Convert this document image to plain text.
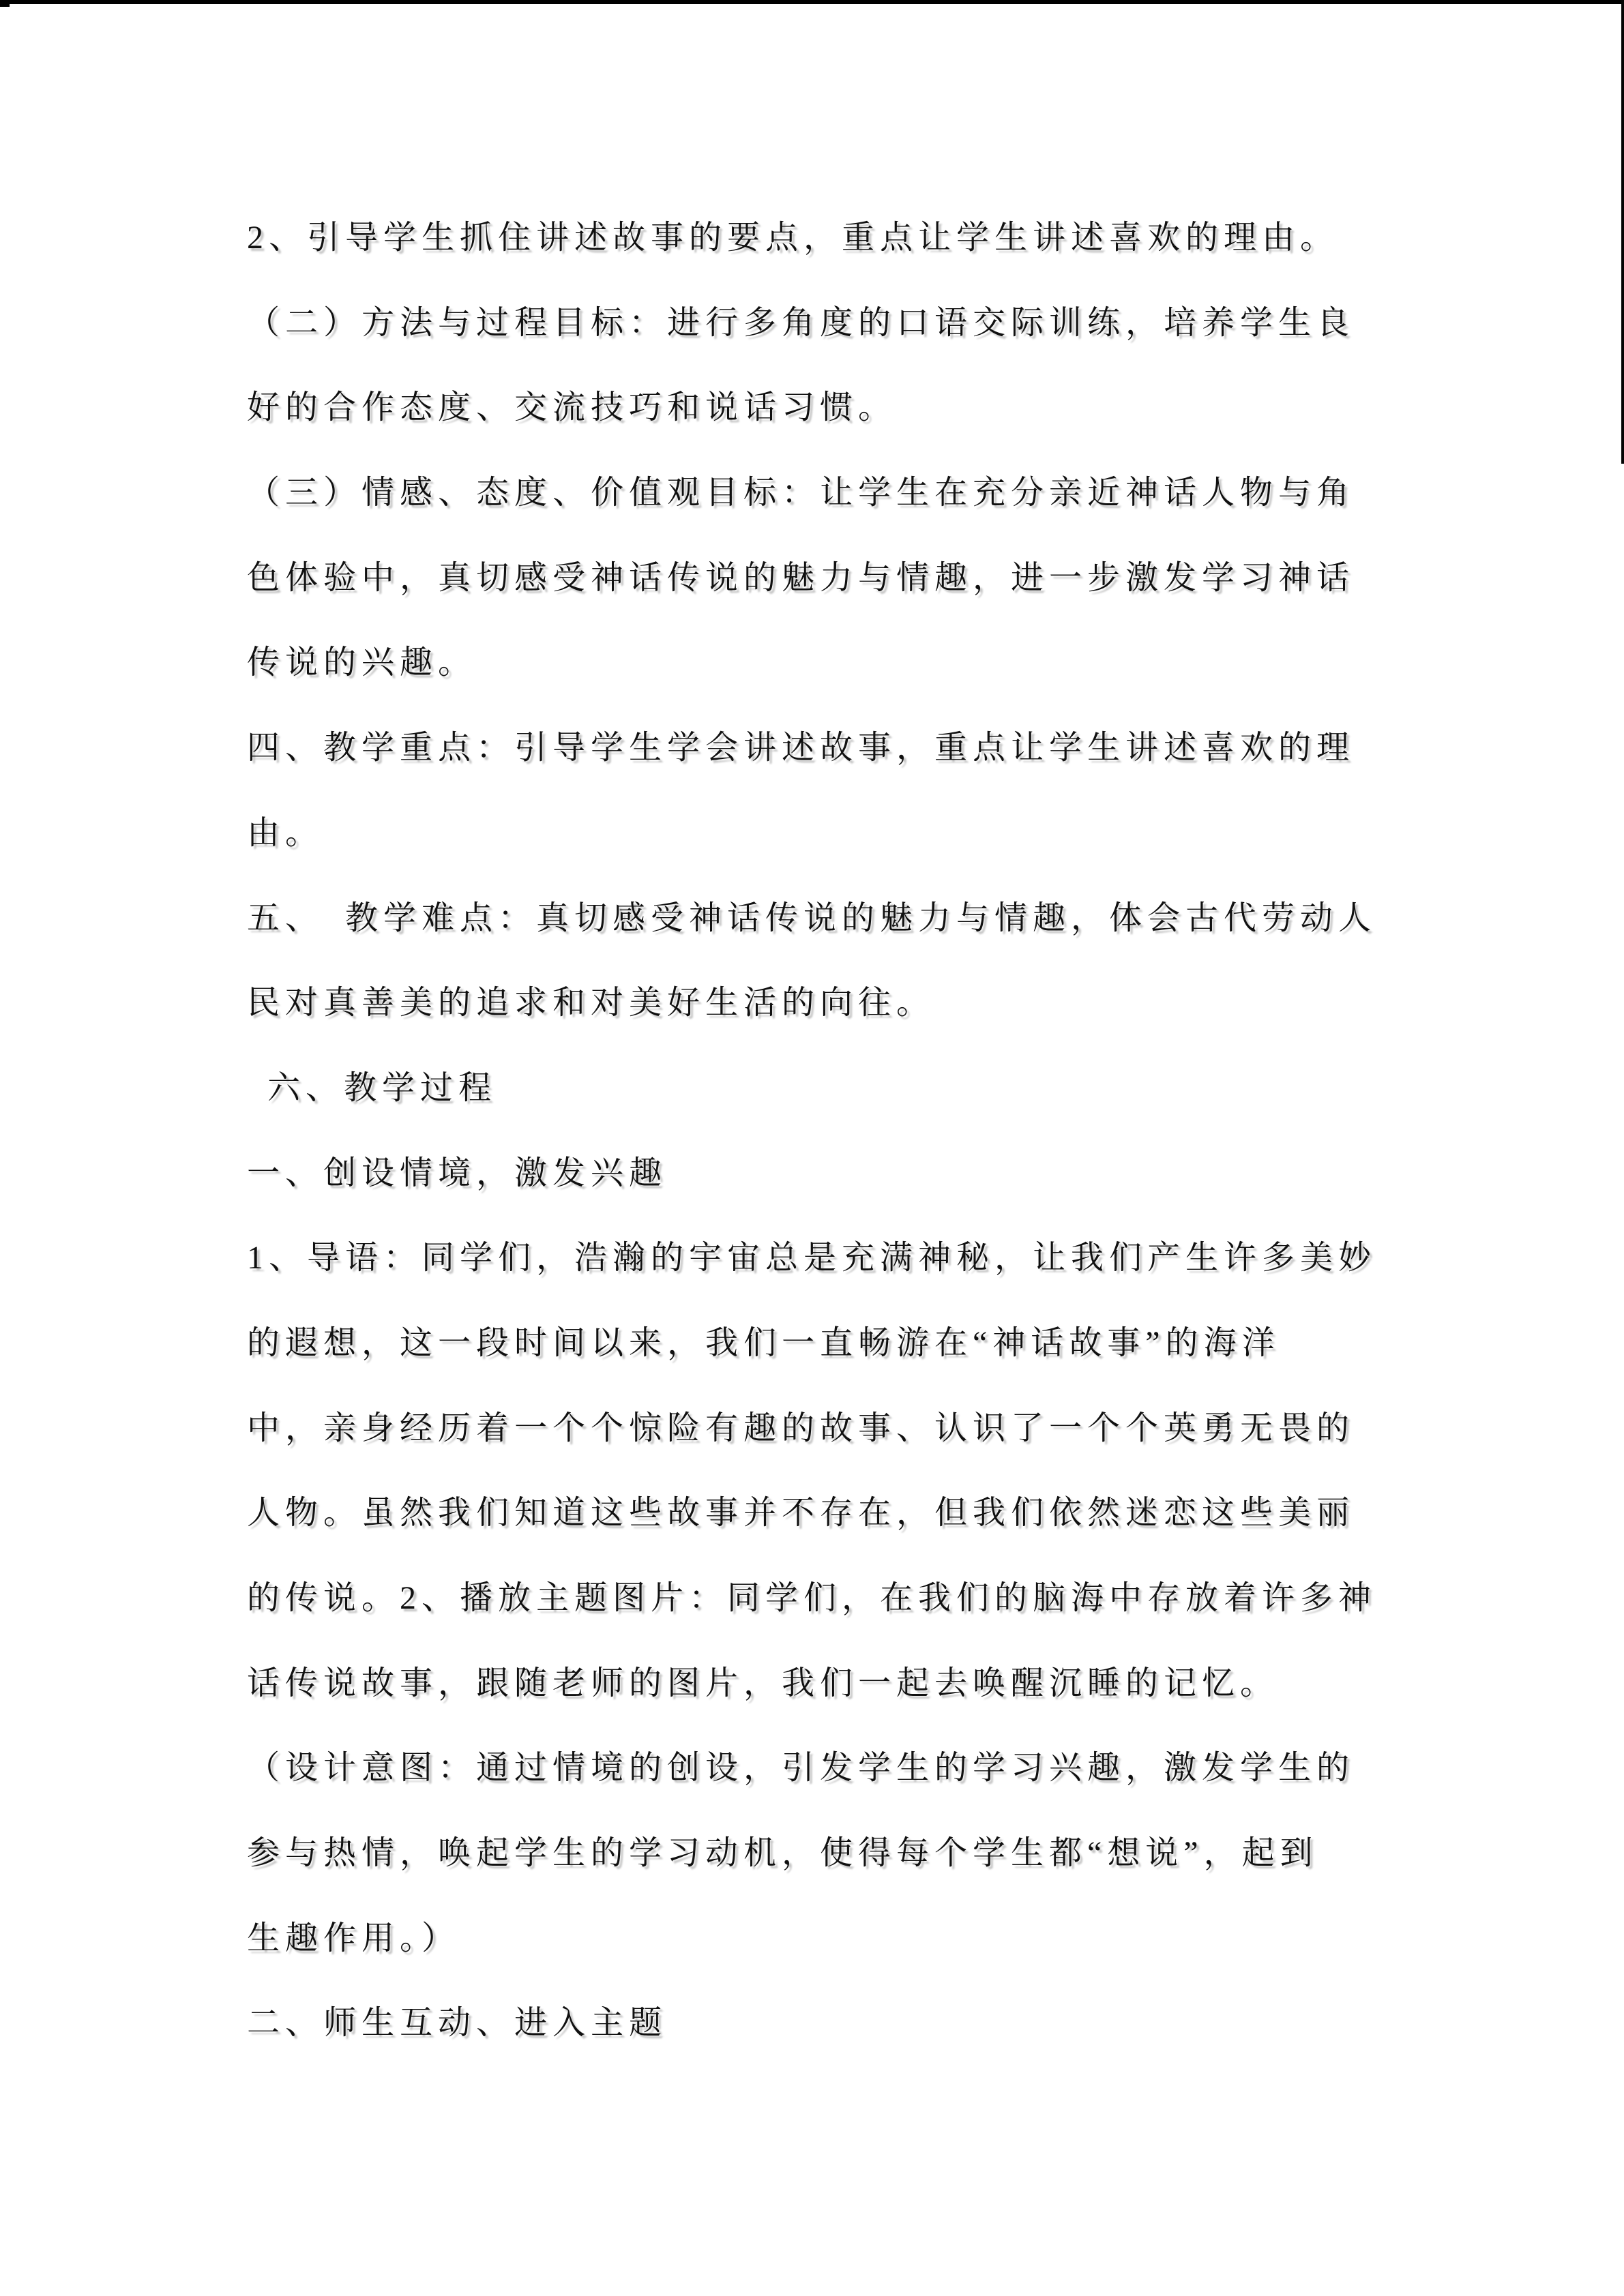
2、引导学生抓住讲述故事的要点，重点让学生讲述喜欢的理由。
（二）方法与过程目标：进行多角度的口语交际训练，培养学生良
好的合作态度、交流技巧和说话习惯。
（三）情感、态度、价值观目标：让学生在充分亲近神话人物与角
色体验中，真切感受神话传说的魅力与情趣，进一步激发学习神话
传说的兴趣。
四、教学重点：引导学生学会讲述故事，重点让学生讲述喜欢的理
由。
五、　教学难点：真切感受神话传说的魅力与情趣，体会古代劳动人
民对真善美的追求和对美好生活的向往。
六、教学过程
一、创设情境，激发兴趣
1、导语：同学们，浩瀚的宇宙总是充满神秘，让我们产生许多美妙
的遐想，这一段时间以来，我们一直畅游在“神话故事”的海洋
中，亲身经历着一个个惊险有趣的故事、认识了一个个英勇无畏的
人物。虽然我们知道这些故事并不存在，但我们依然迷恋这些美丽
的传说。2、播放主题图片：同学们，在我们的脑海中存放着许多神
话传说故事，跟随老师的图片，我们一起去唤醒沉睡的记忆。
（设计意图：通过情境的创设，引发学生的学习兴趣，激发学生的
参与热情，唤起学生的学习动机，使得每个学生都“想说”，起到
生趣作用。）
二、师生互动、进入主题
